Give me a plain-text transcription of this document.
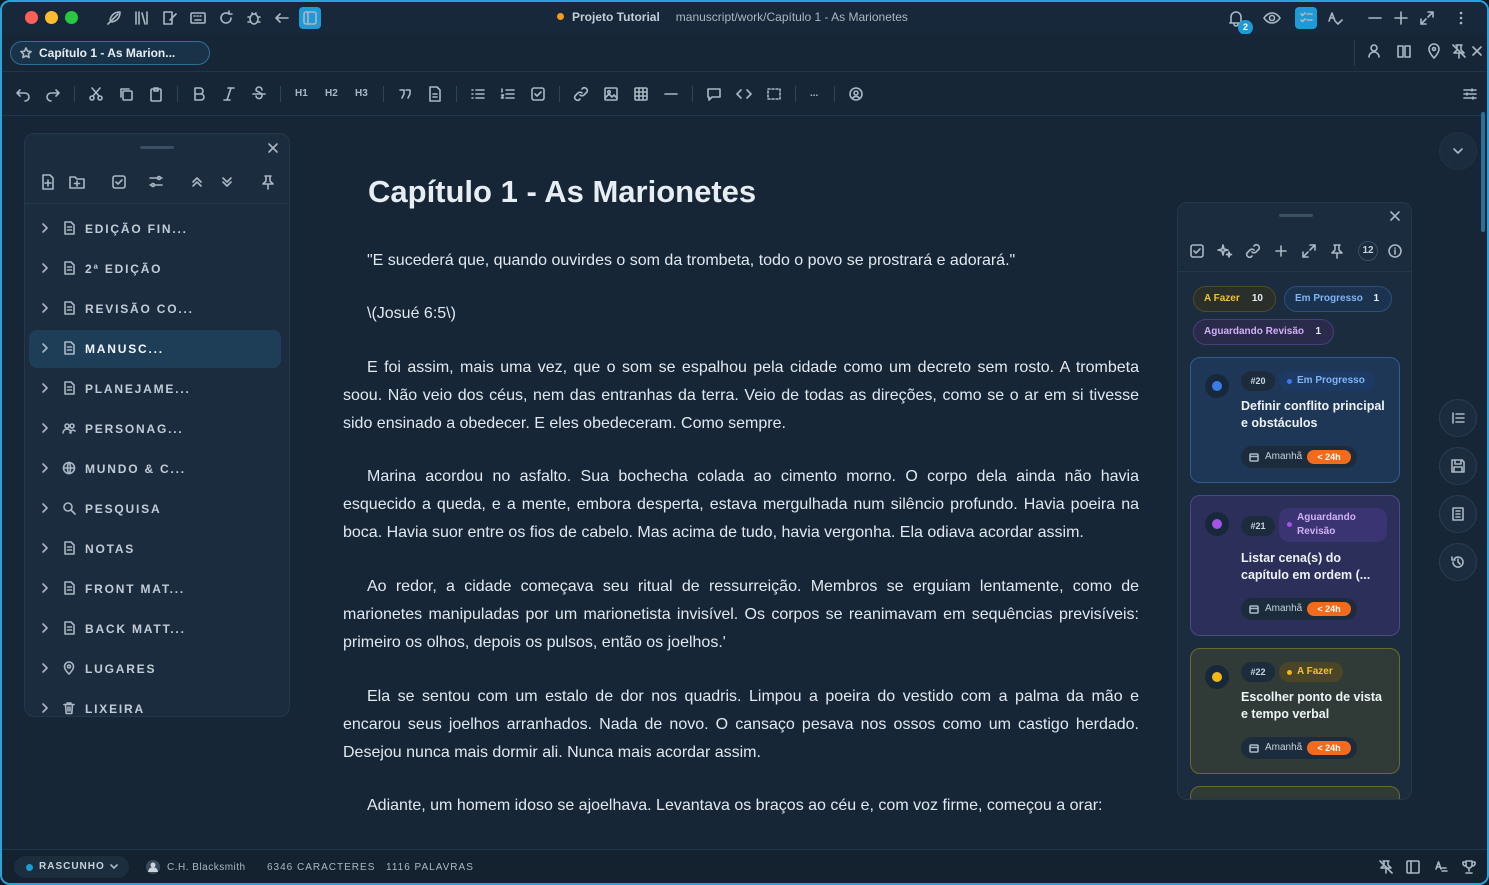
Projeto Tutorial manuscript/work/Capítulo 1 - As Marionetes
2
Capítulo 1 - As Marion...
H1 H2 H3	...
EDIÇÃO FIN...
2ª EDIÇÃO
REVISÃO CO...
MANUSC...
PLANEJAME...
PERSONAG...
MUNDO & C...
PESQUISA
NOTAS
FRONT MAT...
BACK MATT...
LUGARES
LIXEIRA
Capítulo 1 - As Marionetes

"E sucederá que, quando ouvirdes o som da trombeta, todo o povo se prostrará e adorará."

\(Josué 6:5\)

E foi assim, mais uma vez, que o som se espalhou pela cidade como um decreto sem rosto. A trombeta soou. Não veio dos céus, nem das entranhas da terra. Veio de todas as direções, como se o ar em si tivesse sido ensinado a obedecer. E eles obedeceram. Como sempre.

Marina acordou no asfalto. Sua bochecha colada ao cimento morno. O corpo dela ainda não havia esquecido a queda, e a mente, embora desperta, estava mergulhada num silêncio profundo. Havia poeira na boca. Havia suor entre os fios de cabelo. Mas acima de tudo, havia vergonha. Ela odiava acordar assim.

Ao redor, a cidade começava seu ritual de ressurreição. Membros se erguiam lentamente, como de marionetes manipuladas por um marionetista invisível. Os corpos se reanimavam em sequências previsíveis: primeiro os olhos, depois os pulsos, então os joelhos.'

Ela se sentou com um estalo de dor nos quadris. Limpou a poeira do vestido com a palma da mão e encarou seus joelhos arranhados. Nada de novo. O cansaço pesava nos ossos como um castigo herdado. Desejou nunca mais dormir ali. Nunca mais acordar assim.

Adiante, um homem idoso se ajoelhava. Levantava os braços ao céu e, com voz firme, começou a orar:

12
A Fazer 10	Em Progresso 1
Aguardando Revisão 1
#20	Em Progresso
Definir conflito principal e obstáculos
Amanhã	< 24h
#21
Aguardando Revisão
Listar cena(s) do capítulo em ordem (...
Amanhã	< 24h
#22	A Fazer
Escolher ponto de vista e tempo verbal
Amanhã	< 24h
RASCUNHO	C.H. Blacksmith 6346 CARACTERES 1116 PALAVRAS
